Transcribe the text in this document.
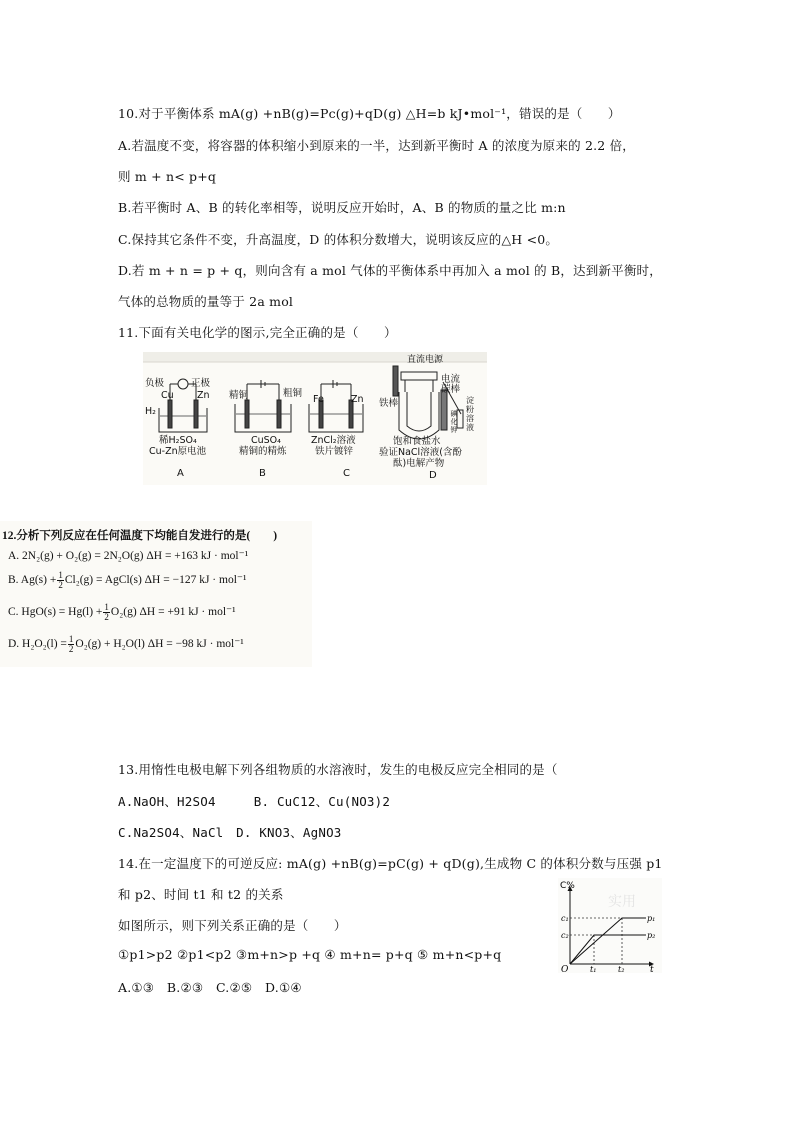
10.对于平衡体系 mA(g) +nB(g)=Pc(g)+qD(g) △H=b kJ•mol⁻¹，错误的是（　　）
A.若温度不变，将容器的体积缩小到原来的一半，达到新平衡时 A 的浓度为原来的 2.2 倍，
则 m + n< p+q
B.若平衡时 A、B 的转化率相等，说明反应开始时，A、B 的物质的量之比 m:n
C.保持其它条件不变，升高温度，D 的体积分数增大，说明该反应的△H <0。
D.若 m + n = p + q，则向含有 a mol 气体的平衡体系中再加入 a mol 的 B，达到新平衡时，
气体的总物质的量等于 2a mol
11.下面有关电化学的图示,完全正确的是（　　）
负极	正极
Cu Zn
H₂
稀H₂SO₄
Cu-Zn原电池
A
精铜	粗铜
CuSO₄
精铜的精炼
B
Fe	Zn
ZnCl₂溶液
铁片镀锌
C
直流电源
电流
碳棒
铁棒	淀粉溶液
碘化钾
饱和食盐水
验证NaCl溶液(含酚
酞)电解产物
D
12.分析下列反应在任何温度下均能自发进行的是(　　)
A. 2N₂(g) + O₂(g) = 2N₂O(g) ΔH = +163 kJ · mol⁻¹
B. $Ag(s) + \frac{1}{2} Cl_2(g)$ = AgCl(s) ΔH = −127 kJ · mol⁻¹
C. $HgO(s) = Hg(l) + \frac{1}{2} O_2(g) \Delta H = +91$ kJ · mol⁻¹
D. $H_2O_2(l) = \frac{1}{2} O_2(g) + H_2O(l) \Delta H = -98$ kJ · mol⁻¹
13.用惰性电极电解下列各组物质的水溶液时，发生的电极反应完全相同的是（
A.NaOH、H2SO4　　　B. CuC12、Cu(NO3)2
C.Na2SO4、NaCl　D. KNO3、AgNO3
14.在一定温度下的可逆反应: mA(g) +nB(g)=pC(g) + qD(g),生成物 C 的体积分数与压强 p1
和 p2、时间 t1 和 t2 的关系
如图所示，则下列关系正确的是（　　）
①p1>p2 ②p1<p2 ③m+n>p +q ④ m+n= p+q ⑤ m+n<p+q
A.①③　B.②③　C.②⑤　D.①④
实用
C%
c₁
c₂
p₁
p₂
O	t₁	t₂	t
